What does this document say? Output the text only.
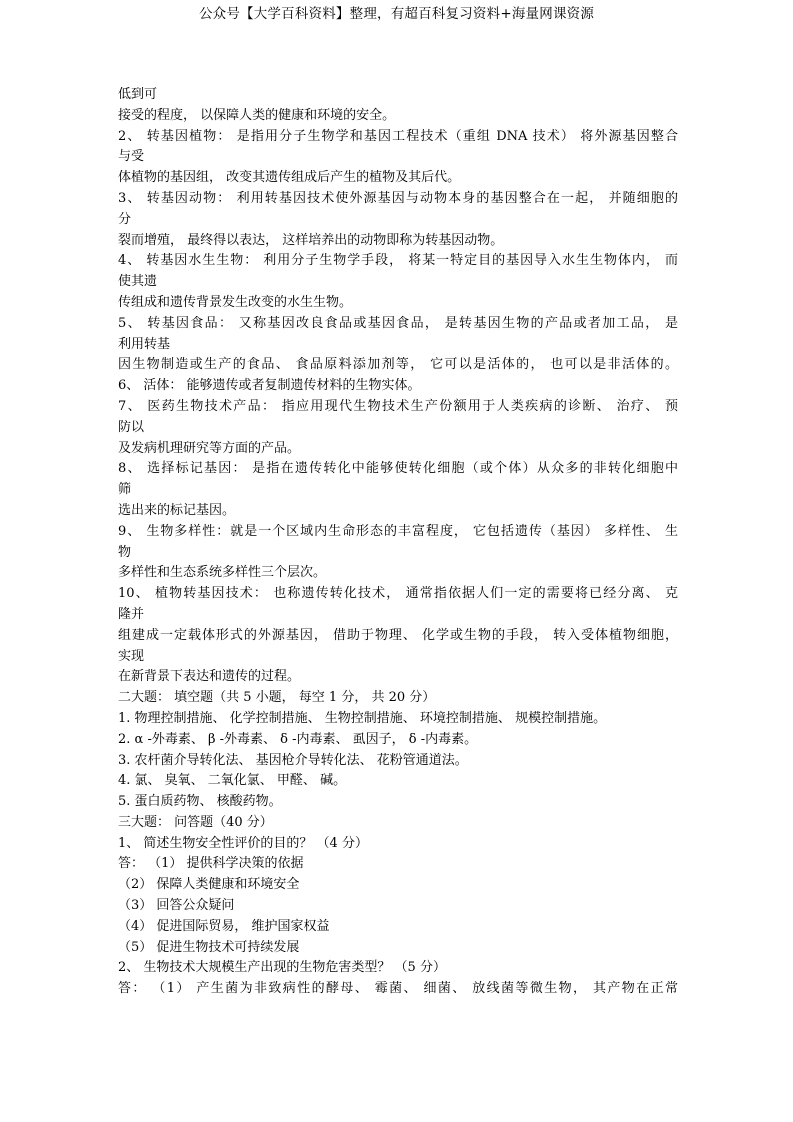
公众号【大学百科资料】整理，有超百科复习资料+海量网课资源
低到可
接受的程度， 以保障人类的健康和环境的安全。
2、 转基因植物： 是指用分子生物学和基因工程技术（重组 DNA 技术） 将外源基因整合
与受
体植物的基因组， 改变其遗传组成后产生的植物及其后代。
3、 转基因动物： 利用转基因技术使外源基因与动物本身的基因整合在一起， 并随细胞的
分
裂而增殖， 最终得以表达， 这样培养出的动物即称为转基因动物。
4、 转基因水生生物： 利用分子生物学手段， 将某一特定目的基因导入水生生物体内， 而
使其遗
传组成和遗传背景发生改变的水生生物。
5、 转基因食品： 又称基因改良食品或基因食品， 是转基因生物的产品或者加工品， 是
利用转基
因生物制造或生产的食品、 食品原料添加剂等， 它可以是活体的， 也可以是非活体的。
6、 活体： 能够遗传或者复制遗传材料的生物实体。
7、 医药生物技术产品： 指应用现代生物技术生产份额用于人类疾病的诊断、 治疗、 预
防以
及发病机理研究等方面的产品。
8、 选择标记基因： 是指在遗传转化中能够使转化细胞（或个体）从众多的非转化细胞中
筛
选出来的标记基因。
9、 生物多样性：就是一个区域内生命形态的丰富程度， 它包括遗传（基因） 多样性、 生
物
多样性和生态系统多样性三个层次。
10、 植物转基因技术： 也称遗传转化技术， 通常指依据人们一定的需要将已经分离、 克
隆并
组建成一定载体形式的外源基因， 借助于物理、 化学或生物的手段， 转入受体植物细胞，
实现
在新背景下表达和遗传的过程。
二大题： 填空题（共 5 小题， 每空 1 分， 共 20 分）
1. 物理控制措施、 化学控制措施、 生物控制措施、 环境控制措施、 规模控制措施。
2. α -外毒素、 β -外毒素、 δ -内毒素、 虱因子， δ -内毒素。
3. 农杆菌介导转化法、 基因枪介导转化法、 花粉管通道法。
4. 氯、 臭氧、 二氧化氯、 甲醛、 碱。
5. 蛋白质药物、 核酸药物。
三大题： 问答题（40 分）
1、 简述生物安全性评价的目的？ （4 分）
答： （1） 提供科学决策的依据
（2） 保障人类健康和环境安全
（3） 回答公众疑问
（4） 促进国际贸易， 维护国家权益
（5） 促进生物技术可持续发展
2、 生物技术大规模生产出现的生物危害类型？ （5 分）
答： （1） 产生菌为非致病性的酵母、 霉菌、 细菌、 放线菌等微生物， 其产物在正常
